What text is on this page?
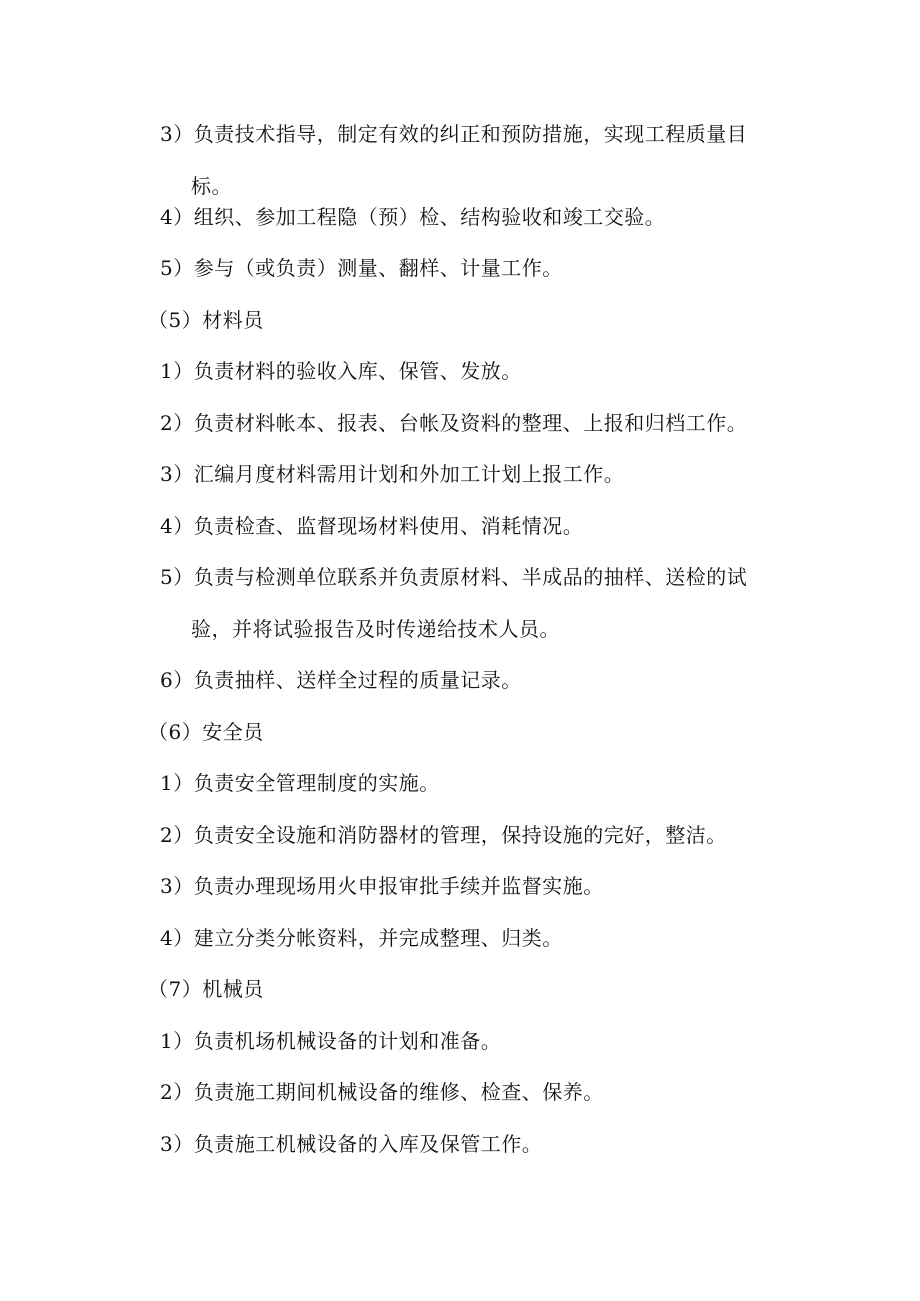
3）负责技术指导，制定有效的纠正和预防措施，实现工程质量目
标。
4）组织、参加工程隐（预）检、结构验收和竣工交验。
5）参与（或负责）测量、翻样、计量工作。
（5）材料员
1）负责材料的验收入库、保管、发放。
2）负责材料帐本、报表、台帐及资料的整理、上报和归档工作。
3）汇编月度材料需用计划和外加工计划上报工作。
4）负责检查、监督现场材料使用、消耗情况。
5）负责与检测单位联系并负责原材料、半成品的抽样、送检的试
验，并将试验报告及时传递给技术人员。
6）负责抽样、送样全过程的质量记录。
（6）安全员
1）负责安全管理制度的实施。
2）负责安全设施和消防器材的管理，保持设施的完好，整洁。
3）负责办理现场用火申报审批手续并监督实施。
4）建立分类分帐资料，并完成整理、归类。
（7）机械员
1）负责机场机械设备的计划和准备。
2）负责施工期间机械设备的维修、检查、保养。
3）负责施工机械设备的入库及保管工作。
